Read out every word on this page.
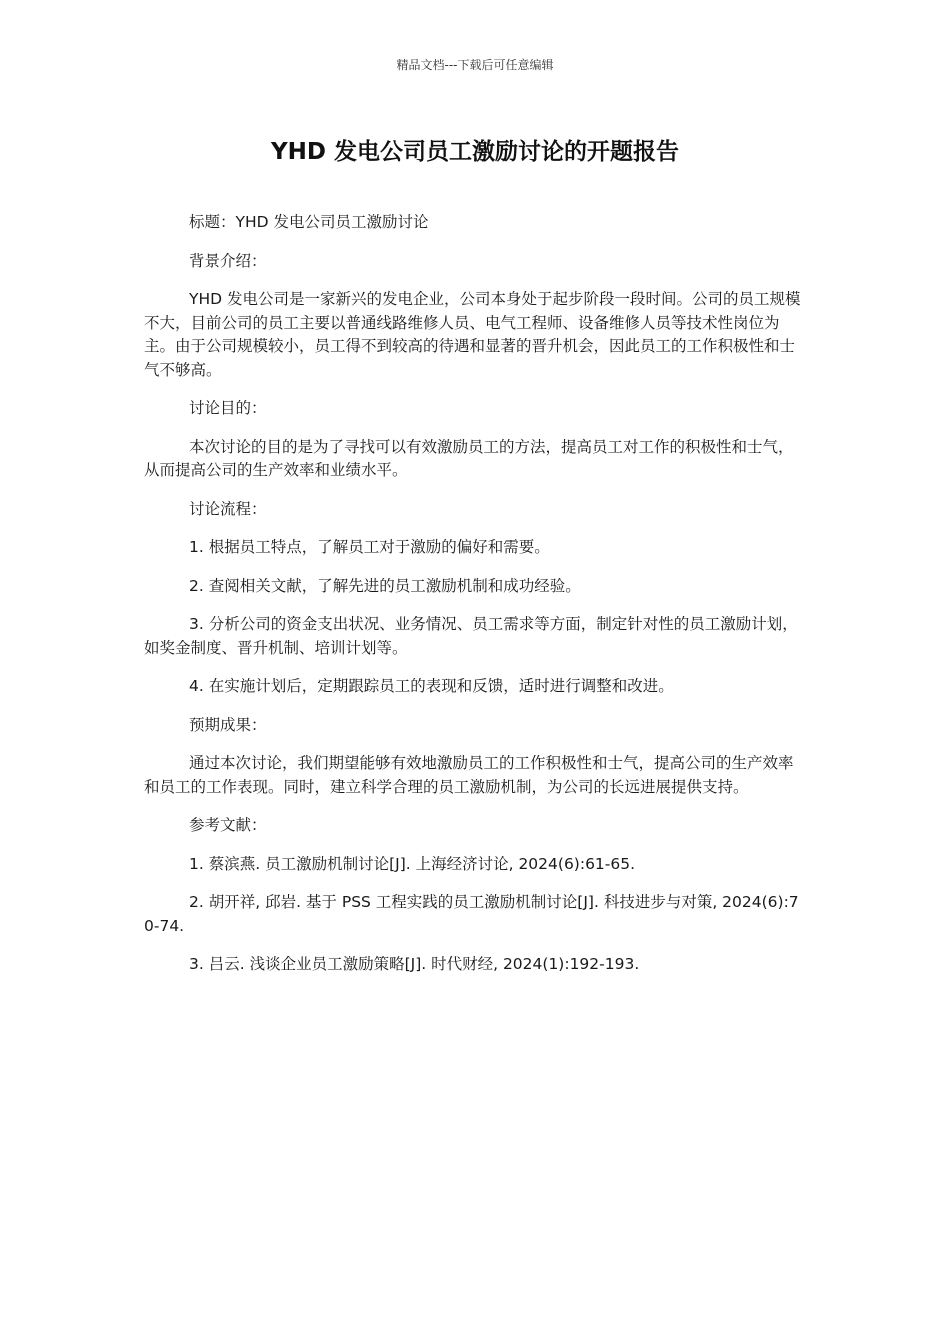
精品文档---下载后可任意编辑
YHD 发电公司员工激励讨论的开题报告

标题：YHD 发电公司员工激励讨论

背景介绍：

YHD 发电公司是一家新兴的发电企业，公司本身处于起步阶段一段时间。公司的员工规模不大，目前公司的员工主要以普通线路维修人员、电气工程师、设备维修人员等技术性岗位为主。由于公司规模较小，员工得不到较高的待遇和显著的晋升机会，因此员工的工作积极性和士气不够高。

讨论目的：

本次讨论的目的是为了寻找可以有效激励员工的方法，提高员工对工作的积极性和士气，从而提高公司的生产效率和业绩水平。

讨论流程：

1. 根据员工特点，了解员工对于激励的偏好和需要。

2. 查阅相关文献，了解先进的员工激励机制和成功经验。

3. 分析公司的资金支出状况、业务情况、员工需求等方面，制定针对性的员工激励计划，如奖金制度、晋升机制、培训计划等。

4. 在实施计划后，定期跟踪员工的表现和反馈，适时进行调整和改进。

预期成果：

通过本次讨论，我们期望能够有效地激励员工的工作积极性和士气，提高公司的生产效率和员工的工作表现。同时，建立科学合理的员工激励机制，为公司的长远进展提供支持。

参考文献：

1. 蔡滨燕. 员工激励机制讨论[J]. 上海经济讨论, 2024(6):61-65.

2. 胡开祥, 邱岩. 基于 PSS 工程实践的员工激励机制讨论[J]. 科技进步与对策, 2024(6):70-74.

3. 吕云. 浅谈企业员工激励策略[J]. 时代财经, 2024(1):192-193.
